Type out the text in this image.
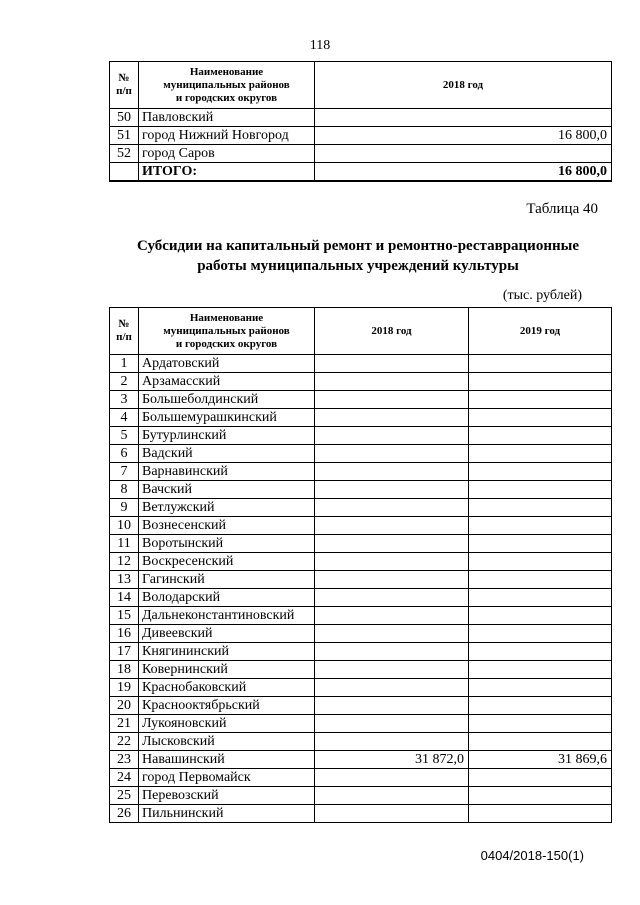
118
№
п/п	Наименование
муниципальных районов
и городских округов	2018 год
50	Павловский	
51	город Нижний Новгород	16 800,0
52	город Саров	
	ИТОГО:	16 800,0
Таблица 40
Субсидии на капитальный ремонт и ремонтно-реставрационные
работы муниципальных учреждений культуры
(тыс. рублей)
№
п/п	Наименование
муниципальных районов
и городских округов	2018 год	2019 год
1	Ардатовский		
2	Арзамасский		
3	Большеболдинский		
4	Большемурашкинский		
5	Бутурлинский		
6	Вадский		
7	Варнавинский		
8	Вачский		
9	Ветлужский		
10	Вознесенский		
11	Воротынский		
12	Воскресенский		
13	Гагинский		
14	Володарский		
15	Дальнеконстантиновский		
16	Дивеевский		
17	Княгининский		
18	Ковернинский		
19	Краснобаковский		
20	Краснооктябрьский		
21	Лукояновский		
22	Лысковский		
23	Навашинский	31 872,0	31 869,6
24	город Первомайск		
25	Перевозский		
26	Пильнинский		
0404/2018-150(1)
